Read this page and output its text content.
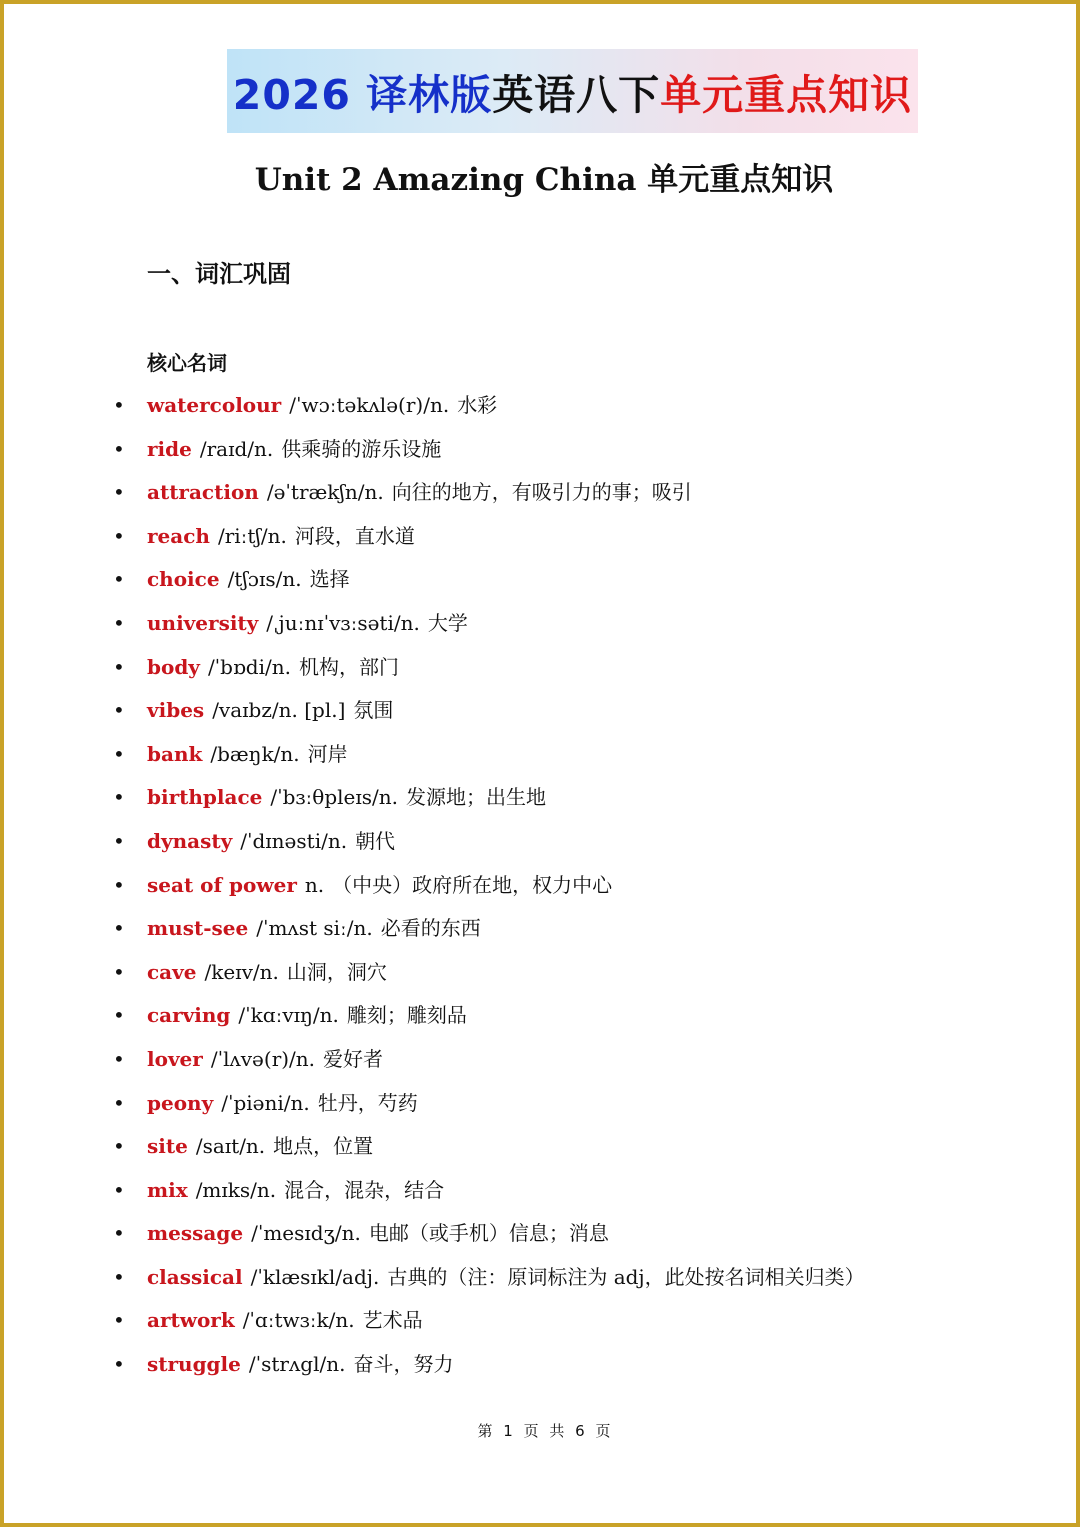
2026 译林版 英语八下 单元重点知识
Unit 2 Amazing China 单元重点知识
一、词汇巩固
核心名词
• watercolour /ˈwɔːtəkʌlə(r)/n. 水彩
• ride /raɪd/n. 供乘骑的游乐设施
• attraction /əˈtrækʃn/n. 向往的地方，有吸引力的事；吸引
• reach /riːtʃ/n. 河段，直水道
• choice /tʃɔɪs/n. 选择
• university /ˌjuːnɪˈvɜːsəti/n. 大学
• body /ˈbɒdi/n. 机构，部门
• vibes /vaɪbz/n. [pl.] 氛围
• bank /bæŋk/n. 河岸
• birthplace /ˈbɜːθpleɪs/n. 发源地；出生地
• dynasty /ˈdɪnəsti/n. 朝代
• seat of power n. （中央）政府所在地，权力中心
• must-see /ˈmʌst siː/n. 必看的东西
• cave /keɪv/n. 山洞，洞穴
• carving /ˈkɑːvɪŋ/n. 雕刻；雕刻品
• lover /ˈlʌvə(r)/n. 爱好者
• peony /ˈpiəni/n. 牡丹，芍药
• site /saɪt/n. 地点，位置
• mix /mɪks/n. 混合，混杂，结合
• message /ˈmesɪdʒ/n. 电邮（或手机）信息；消息
• classical /ˈklæsɪkl/adj. 古典的（注：原词标注为 adj，此处按名词相关归类）
• artwork /ˈɑːtwɜːk/n. 艺术品
• struggle /ˈstrʌgl/n. 奋斗，努力
第 1 页 共 6 页
